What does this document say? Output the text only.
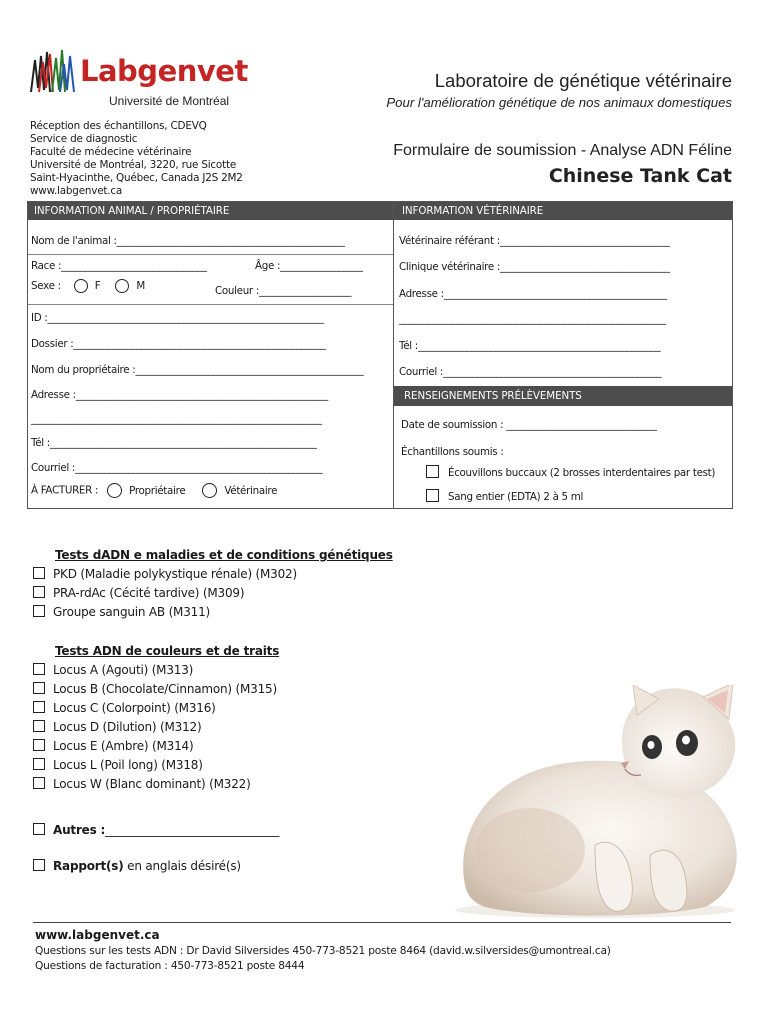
Labgenvet
Université de Montréal
Laboratoire de génétique vétérinaire
Pour l'amélioration génétique de nos animaux domestiques
Réception des échantillons, CDEVQ
Service de diagnostic
Faculté de médecine vétérinaire
Université de Montréal, 3220, rue Sicotte
Saint-Hyacinthe, Québec, Canada J2S 2M2
www.labgenvet.ca
Formulaire de soumission - Analyse ADN Féline
Chinese Tank Cat
INFORMATION ANIMAL / PROPRIÉTAIRE
Nom de l'animal :_______________________________________________
Race :______________________________	Âge :_________________
Sexe :	F	M	Couleur :___________________
ID :_________________________________________________________
Dossier :____________________________________________________
Nom du propriétaire :_______________________________________________
Adresse :____________________________________________________
____________________________________________________________
Tél :_______________________________________________________
Courriel :___________________________________________________
À FACTURER :	Propriétaire	Vétérinaire
INFORMATION VÉTÉRINAIRE
Vétérinaire référant :___________________________________
Clinique vétérinaire :___________________________________
Adresse :______________________________________________
_______________________________________________________
Tél :__________________________________________________
Courriel :_____________________________________________
RENSEIGNEMENTS PRÉLÈVEMENTS
Date de soumission : _______________________________
Échantillons soumis :
Écouvillons buccaux (2 brosses interdentaires par test)
Sang entier (EDTA) 2 à 5 ml
Tests dADN e maladies et de conditions génétiques
PKD (Maladie polykystique rénale) (M302)
PRA-rdAc (Cécité tardive) (M309)
Groupe sanguin AB (M311)
Tests ADN de couleurs et de traits
Locus A (Agouti) (M313)
Locus B (Chocolate/Cinnamon) (M315)
Locus C (Colorpoint) (M316)
Locus D (Dilution) (M312)
Locus E (Ambre) (M314)
Locus L (Poil long) (M318)
Locus W (Blanc dominant) (M322)
Autres :______________________________
Rapport(s) en anglais désiré(s)
www.labgenvet.ca
Questions sur les tests ADN : Dr David Silversides 450-773-8521 poste 8464 (david.w.silversides@umontreal.ca)
Questions de facturation : 450-773-8521 poste 8444
